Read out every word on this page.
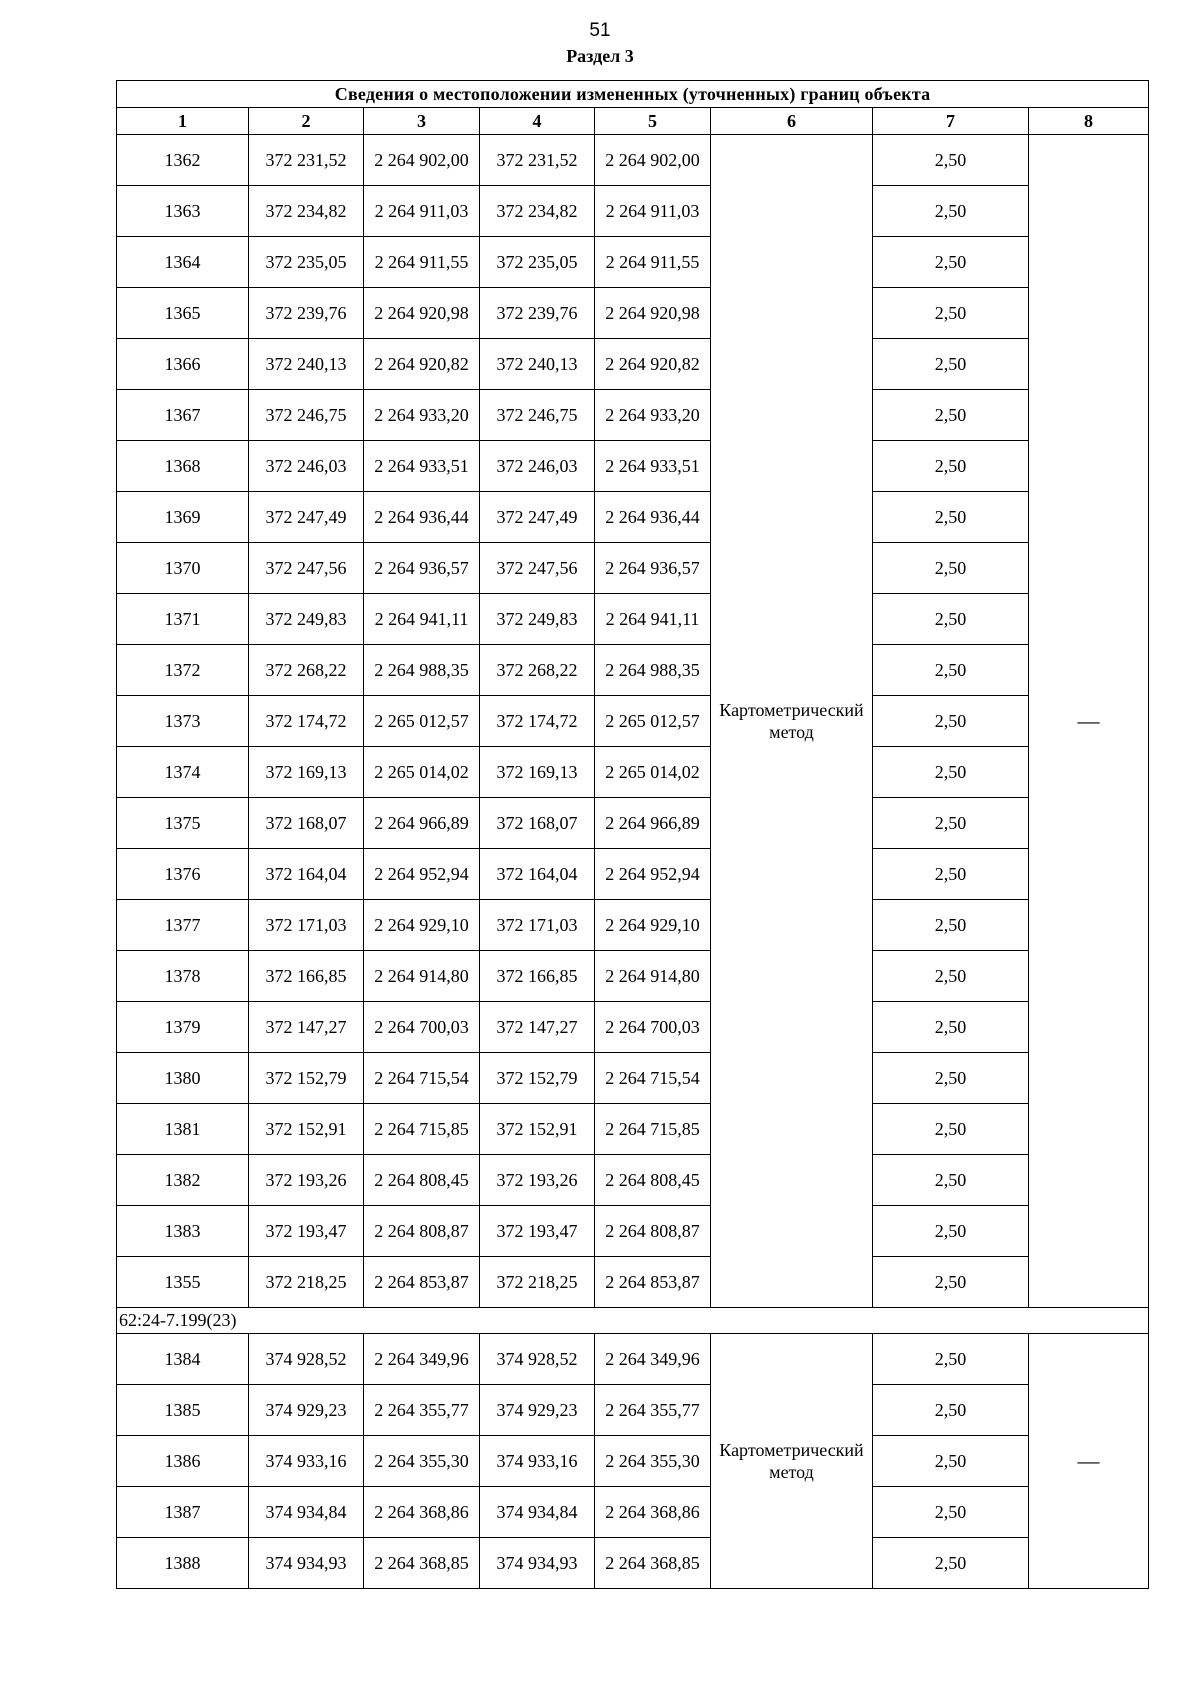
51
Раздел 3
Сведения о местоположении измененных (уточненных) границ объекта							
1	2	3	4	5	6	7	8
1362	372 231,52	2 264 902,00	372 231,52	2 264 902,00	Картометрический метод	2,50	—
1363	372 234,82	2 264 911,03	372 234,82	2 264 911,03		2,50	
1364	372 235,05	2 264 911,55	372 235,05	2 264 911,55		2,50	
1365	372 239,76	2 264 920,98	372 239,76	2 264 920,98		2,50	
1366	372 240,13	2 264 920,82	372 240,13	2 264 920,82		2,50	
1367	372 246,75	2 264 933,20	372 246,75	2 264 933,20		2,50	
1368	372 246,03	2 264 933,51	372 246,03	2 264 933,51		2,50	
1369	372 247,49	2 264 936,44	372 247,49	2 264 936,44		2,50	
1370	372 247,56	2 264 936,57	372 247,56	2 264 936,57		2,50	
1371	372 249,83	2 264 941,11	372 249,83	2 264 941,11		2,50	
1372	372 268,22	2 264 988,35	372 268,22	2 264 988,35		2,50	
1373	372 174,72	2 265 012,57	372 174,72	2 265 012,57		2,50	
1374	372 169,13	2 265 014,02	372 169,13	2 265 014,02		2,50	
1375	372 168,07	2 264 966,89	372 168,07	2 264 966,89		2,50	
1376	372 164,04	2 264 952,94	372 164,04	2 264 952,94		2,50	
1377	372 171,03	2 264 929,10	372 171,03	2 264 929,10		2,50	
1378	372 166,85	2 264 914,80	372 166,85	2 264 914,80		2,50	
1379	372 147,27	2 264 700,03	372 147,27	2 264 700,03		2,50	
1380	372 152,79	2 264 715,54	372 152,79	2 264 715,54		2,50	
1381	372 152,91	2 264 715,85	372 152,91	2 264 715,85		2,50	
1382	372 193,26	2 264 808,45	372 193,26	2 264 808,45		2,50	
1383	372 193,47	2 264 808,87	372 193,47	2 264 808,87		2,50	
1355	372 218,25	2 264 853,87	372 218,25	2 264 853,87		2,50	
62:24-7.199(23)							
1384	374 928,52	2 264 349,96	374 928,52	2 264 349,96	Картометрический метод	2,50	—
1385	374 929,23	2 264 355,77	374 929,23	2 264 355,77		2,50	
1386	374 933,16	2 264 355,30	374 933,16	2 264 355,30		2,50	
1387	374 934,84	2 264 368,86	374 934,84	2 264 368,86		2,50	
1388	374 934,93	2 264 368,85	374 934,93	2 264 368,85		2,50	
